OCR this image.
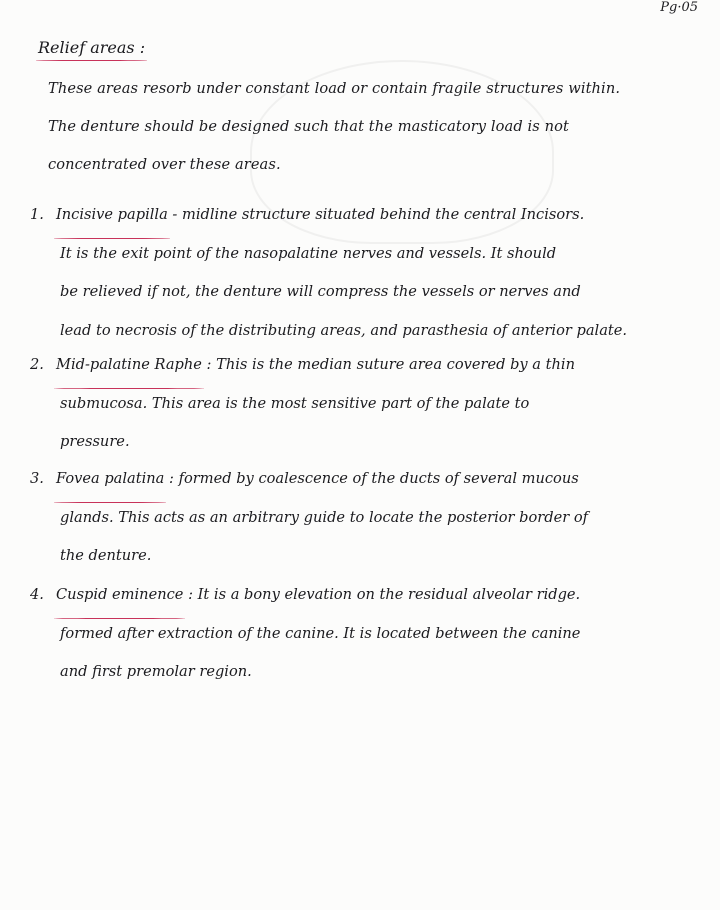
Pg·05
Relief areas :
These areas resorb under constant load or contain fragile structures within.
The denture should be designed such that the masticatory load is not
concentrated over these areas.
1. Incisive papilla - midline structure situated behind the central Incisors.
It is the exit point of the nasopalatine nerves and vessels. It should
be relieved if not, the denture will compress the vessels or nerves and
lead to necrosis of the distributing areas, and parasthesia of anterior palate.
2. Mid-palatine Raphe : This is the median suture area covered by a thin
submucosa. This area is the most sensitive part of the palate to
pressure.
3. Fovea palatina : formed by coalescence of the ducts of several mucous
glands. This acts as an arbitrary guide to locate the posterior border of
the denture.
4. Cuspid eminence : It is a bony elevation on the residual alveolar ridge.
formed after extraction of the canine. It is located between the canine
and first premolar region.
